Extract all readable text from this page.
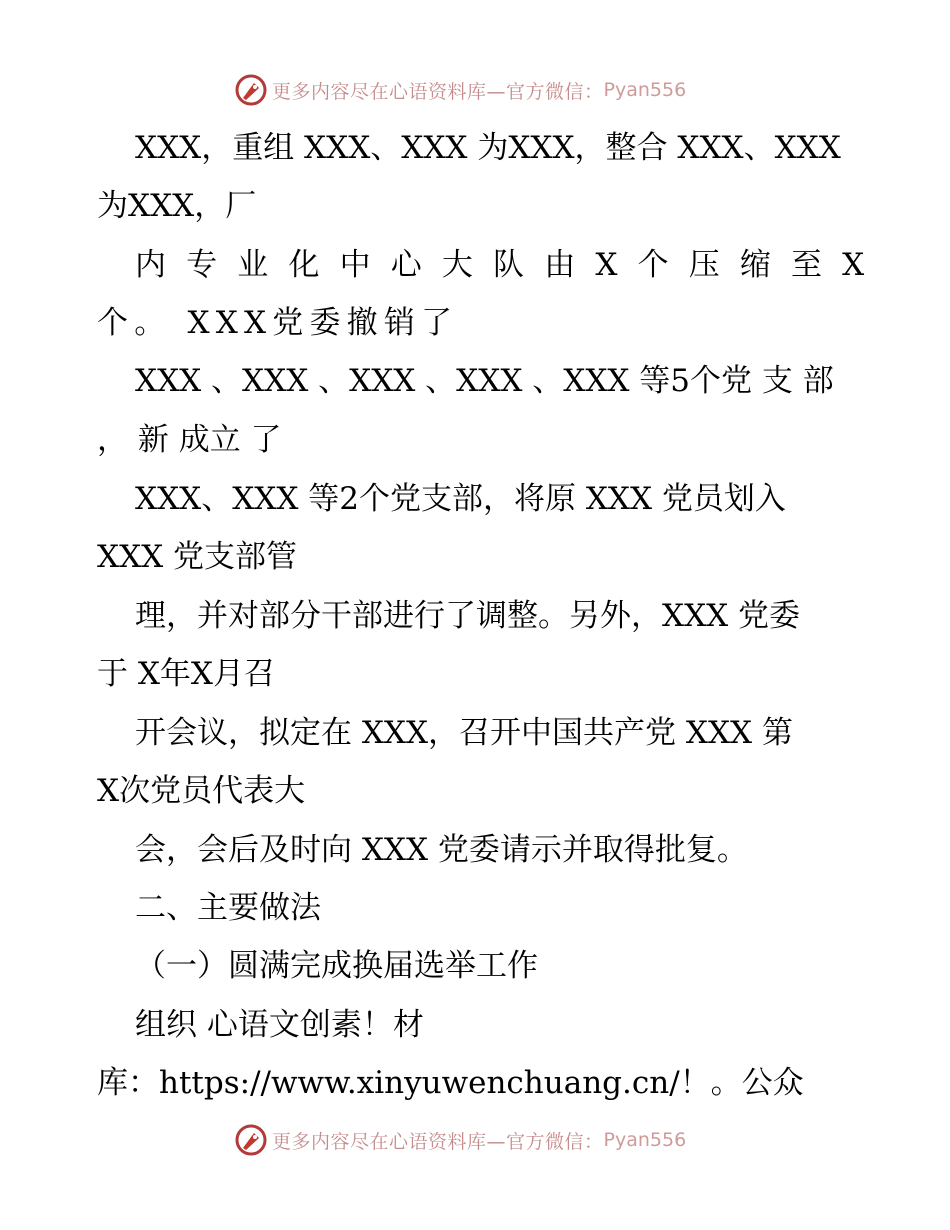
更多内容尽在心语资料库—官方微信： Pyan556
XXX，重组 XXX、XXX 为XXX，整合 XXX、XXX
为XXX，厂
内专业化中心大队由X个压缩至X
个。 XXX党委撤销了
XXX 、XXX 、XXX 、XXX 、XXX 等5个党 支 部
， 新 成立 了
XXX、XXX 等2个党支部，将原 XXX 党员划入
XXX 党支部管
理，并对部分干部进行了调整。另外，XXX 党委
于 X年X月召
开会议，拟定在 XXX，召开中国共产党 XXX 第
X次党员代表大
会，会后及时向 XXX 党委请示并取得批复。
二、主要做法
（一）圆满完成换届选举工作
组织 心语文创素！材
库：https://www.xinyuwenchuang.cn/！。公众
更多内容尽在心语资料库—官方微信： Pyan556
